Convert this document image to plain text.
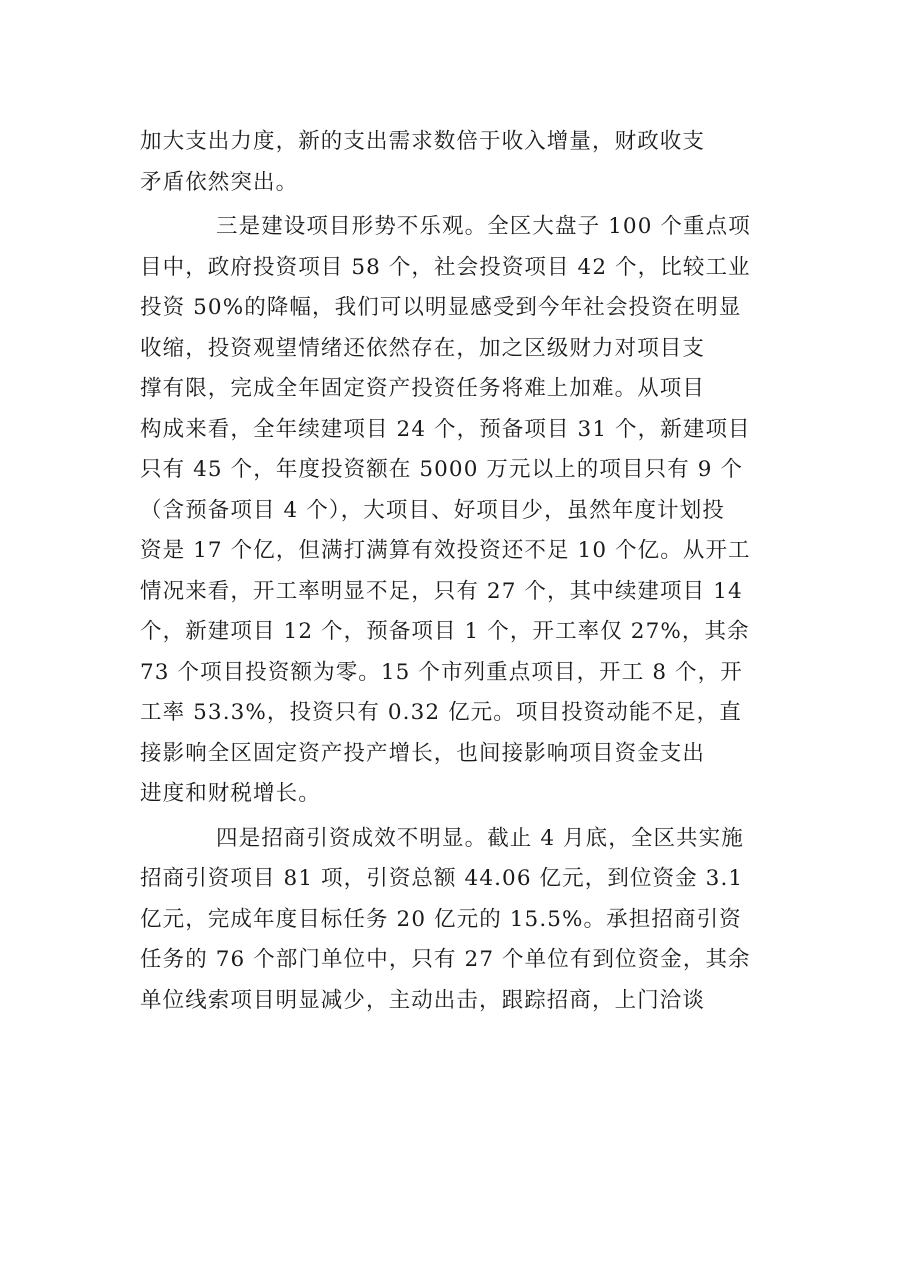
加大支出力度，新的支出需求数倍于收入增量，财政收支
矛盾依然突出。
三是建设项目形势不乐观。全区大盘子 100 个重点项
目中，政府投资项目 58 个，社会投资项目 42 个，比较工业
投资 50%的降幅，我们可以明显感受到今年社会投资在明显
收缩，投资观望情绪还依然存在，加之区级财力对项目支
撑有限，完成全年固定资产投资任务将难上加难。从项目
构成来看，全年续建项目 24 个，预备项目 31 个，新建项目
只有 45 个，年度投资额在 5000 万元以上的项目只有 9 个
（含预备项目 4 个），大项目、好项目少，虽然年度计划投
资是 17 个亿，但满打满算有效投资还不足 10 个亿。从开工
情况来看，开工率明显不足，只有 27 个，其中续建项目 14
个，新建项目 12 个，预备项目 1 个，开工率仅 27%，其余
73 个项目投资额为零。15 个市列重点项目，开工 8 个，开
工率 53.3%，投资只有 0.32 亿元。项目投资动能不足，直
接影响全区固定资产投产增长，也间接影响项目资金支出
进度和财税增长。
四是招商引资成效不明显。截止 4 月底，全区共实施
招商引资项目 81 项，引资总额 44.06 亿元，到位资金 3.1
亿元，完成年度目标任务 20 亿元的 15.5%。承担招商引资
任务的 76 个部门单位中，只有 27 个单位有到位资金，其余
单位线索项目明显减少，主动出击，跟踪招商，上门洽谈
